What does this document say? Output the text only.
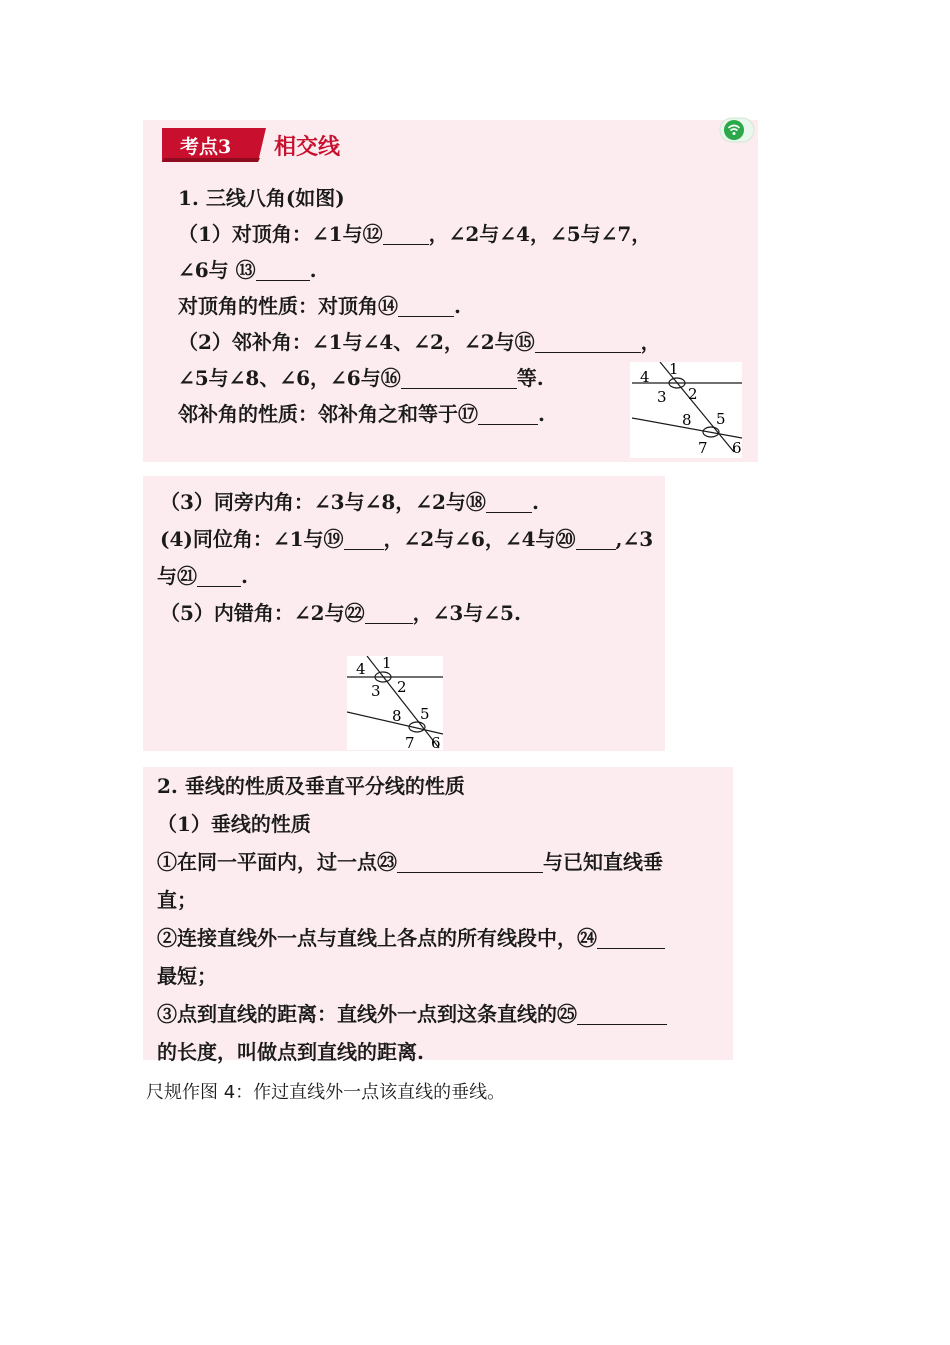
考点3 相交线
1. 三线八角(如图)
（1）对顶角：∠1与⑫ ，∠2与∠4，∠5与∠7，
∠6与 ⑬	.
对顶角的性质：对顶角⑭	.
（2）邻补角：∠1与∠4、∠2，∠2与⑮	，
∠5与∠8、∠6，∠6与⑯	等.
邻补角的性质：邻补角之和等于⑰	.
4 1
3 2
8 5
7 6
（3）同旁内角：∠3与∠8，∠2与⑱ .
(4)同位角：∠1与⑲ ，∠2与∠6，∠4与⑳ ,∠3
与㉑ .
（5）内错角：∠2与㉒ ，∠3与∠5.
4 1
3 2
8 5
7 6
2. 垂线的性质及垂直平分线的性质
（1）垂线的性质
①在同一平面内，过一点㉓	与已知直线垂
直；
②连接直线外一点与直线上各点的所有线段中，㉔
最短；
③点到直线的距离：直线外一点到这条直线的㉕
的长度，叫做点到直线的距离.
尺规作图 4：作过直线外一点该直线的垂线。
